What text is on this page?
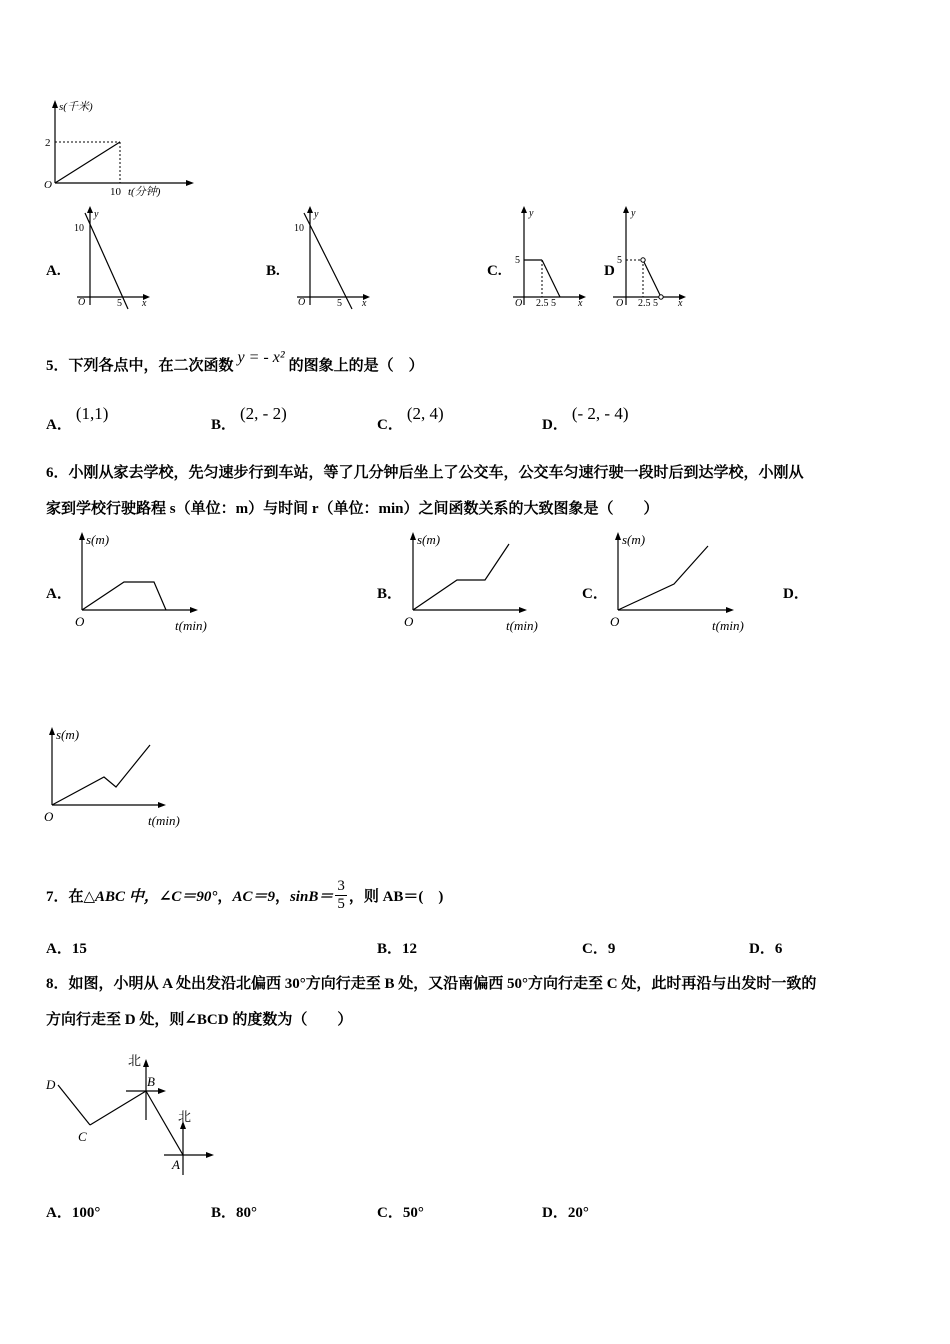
s(千米)
2
O
10 t(分钟)
A.
y
10
O	5 x
B.
y
10
O	5 x
C.
y
5
O 2.5 5 x
D
y
5
O 2.5 5 x
5．下列各点中，在二次函数 y = - x² 的图象上的是（　）
A．(1,1)
B．(2, - 2)
C．(2, 4)
D．(- 2, - 4)
6．小刚从家去学校，先匀速步行到车站，等了几分钟后坐上了公交车，公交车匀速行驶一段时后到达学校，小刚从
家到学校行驶路程 s（单位：m）与时间 r（单位：min）之间函数关系的大致图象是（　　）
A．
s(m)
O	t(min)
B．
s(m)
O	t(min)
C．
s(m)
O	t(min)
D．
s(m)
O	t(min)
7．在△ABC 中，∠C＝90°，AC＝9，$\sin B= \frac{3}{5}$ ，则 AB＝(　)
A．15	B．12	C．9	D．6
8．如图，小明从 A 处出发沿北偏西 30°方向行走至 B 处，又沿南偏西 50°方向行走至 C 处，此时再沿与出发时一致的
方向行走至 D 处，则∠BCD 的度数为（　　）
北
B
北
A
C
D
A．100°	B．80°	C．50°	D．20°
